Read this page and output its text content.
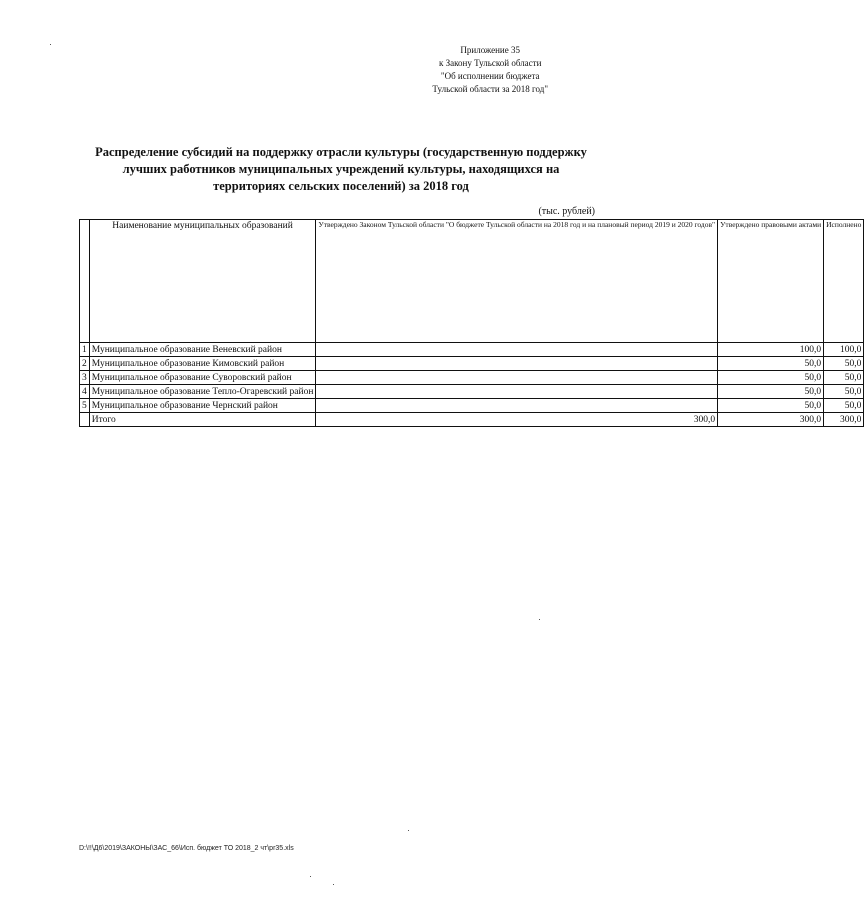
Приложение 35
к Закону Тульской области
"Об исполнении бюджета
Тульской области за 2018 год"
Распределение субсидий на поддержку отрасли культуры (государственную поддержку
лучших работников муниципальных учреждений культуры, находящихся на
территориях сельских поселений) за 2018 год
(тыс. рублей)
	Наименование муниципальных образований	Утверждено Законом Тульской области "О бюджете Тульской области на 2018 год и на плановый период 2019 и 2020 годов"	Утверждено правовыми актами	Исполнено
1	Муниципальное образование Веневский район		100,0	100,0
2	Муниципальное образование Кимовский район		50,0	50,0
3	Муниципальное образование Суворовский район		50,0	50,0
4	Муниципальное образование Тепло-Огаревский район		50,0	50,0
5	Муниципальное образование Чернский район		50,0	50,0
	Итого	300,0	300,0	300,0
D:\!!\Д6\2019\ЗАКОНЫ\ЗАС_66\Исп. бюджет ТО 2018_2 чт\pr35.xls
